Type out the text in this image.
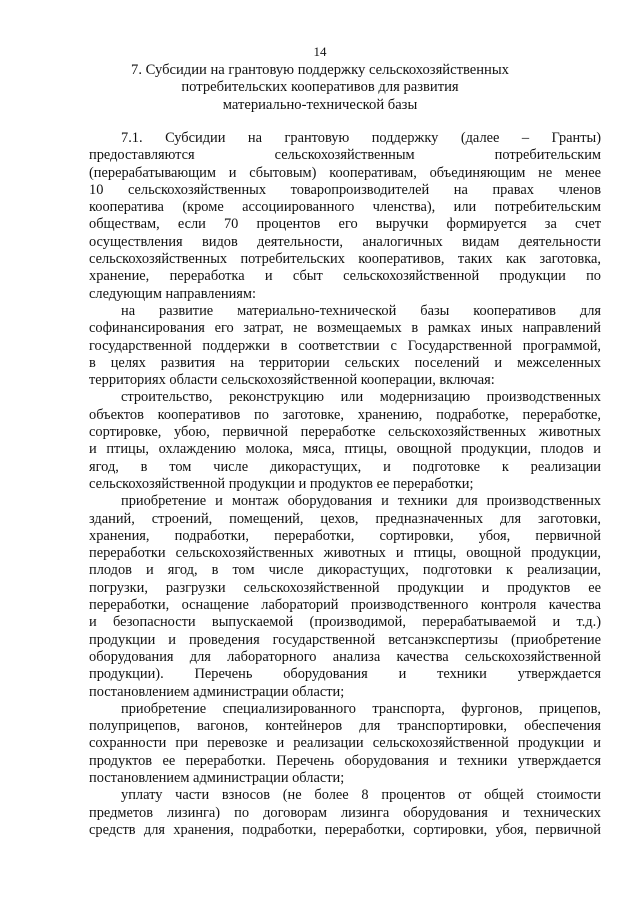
14
7. Субсидии на грантовую поддержку сельскохозяйственных
потребительских кооперативов для развития
материально-технической базы
7.1. Субсидии на грантовую поддержку (далее – Гранты)
предоставляются сельскохозяйственным потребительским
(перерабатывающим и сбытовым) кооперативам, объединяющим не менее
10 сельскохозяйственных товаропроизводителей на правах членов
кооператива (кроме ассоциированного членства), или потребительским
обществам, если 70 процентов его выручки формируется за счет
осуществления видов деятельности, аналогичных видам деятельности
сельскохозяйственных потребительских кооперативов, таких как заготовка,
хранение, переработка и сбыт сельскохозяйственной продукции по
следующим направлениям:
на развитие материально-технической базы кооперативов для
софинансирования его затрат, не возмещаемых в рамках иных направлений
государственной поддержки в соответствии с Государственной программой,
в целях развития на территории сельских поселений и межселенных
территориях области сельскохозяйственной кооперации, включая:
строительство, реконструкцию или модернизацию производственных
объектов кооперативов по заготовке, хранению, подработке, переработке,
сортировке, убою, первичной переработке сельскохозяйственных животных
и птицы, охлаждению молока, мяса, птицы, овощной продукции, плодов и
ягод, в том числе дикорастущих, и подготовке к реализации
сельскохозяйственной продукции и продуктов ее переработки;
приобретение и монтаж оборудования и техники для производственных
зданий, строений, помещений, цехов, предназначенных для заготовки,
хранения, подработки, переработки, сортировки, убоя, первичной
переработки сельскохозяйственных животных и птицы, овощной продукции,
плодов и ягод, в том числе дикорастущих, подготовки к реализации,
погрузки, разгрузки сельскохозяйственной продукции и продуктов ее
переработки, оснащение лабораторий производственного контроля качества
и безопасности выпускаемой (производимой, перерабатываемой и т.д.)
продукции и проведения государственной ветсанэкспертизы (приобретение
оборудования для лабораторного анализа качества сельскохозяйственной
продукции). Перечень оборудования и техники утверждается
постановлением администрации области;
приобретение специализированного транспорта, фургонов, прицепов,
полуприцепов, вагонов, контейнеров для транспортировки, обеспечения
сохранности при перевозке и реализации сельскохозяйственной продукции и
продуктов ее переработки. Перечень оборудования и техники утверждается
постановлением администрации области;
уплату части взносов (не более 8 процентов от общей стоимости
предметов лизинга) по договорам лизинга оборудования и технических
средств для хранения, подработки, переработки, сортировки, убоя, первичной
